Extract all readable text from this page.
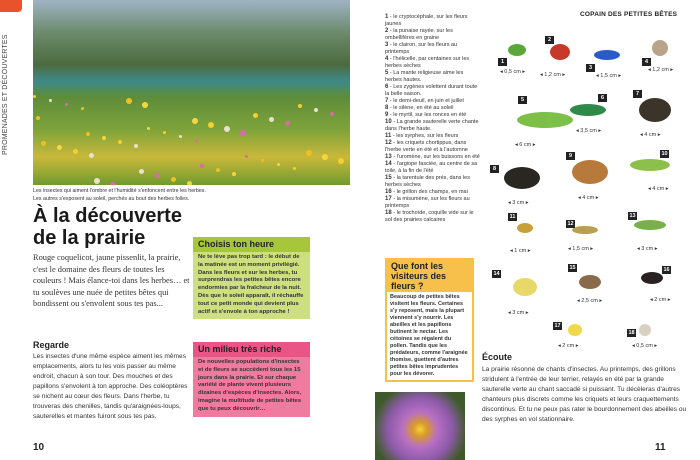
PROMENADES ET DÉCOUVERTES
Les insectes qui aiment l'ombre et l'humidité s'enfoncent entre les herbes.
Les autres s'exposent au soleil, perchés au bout des herbes folles.
À la découverte
de la prairie
Rouge coquelicot, jaune pissenlit, la prairie, c'est le domaine des fleurs de toutes les couleurs ! Mais élance-toi dans les herbes… et tu soulèves une nuée de petites bêtes qui bondissent ou s'envolent sous tes pas...
Regarde
Les insectes d'une même espèce aiment les mêmes emplacements, alors tu les vois passer au même endroit, chacun à son tour. Des mouches et des papillons s'envolent à ton approche. Des coléoptères se nichent au cœur des fleurs. Dans l'herbe, tu trouveras des chenilles, tandis qu'araignées-loups, sauterelles et mantes fuiront sous tes pas.
10
Choisis ton heure

Ne te lève pas trop tard : le début de la matinée est un moment privilégié. Dans les fleurs et sur les herbes, tu surprendras les petites bêtes encore endormies par la fraîcheur de la nuit. Dès que le soleil apparaît, il réchauffe tout ce petit monde qui devient plus actif et s'envole à ton approche !

Un milieu très riche

De nouvelles populations d'insectes et de fleurs se succèdent tous les 15 jours dans la prairie. Et sur chaque variété de plante vivent plusieurs dizaines d'espèces d'insectes. Alors, imagine la multitude de petites bêtes que tu peux découvrir…

1 - le cryptocéphale, sur les fleurs jaunes
2 - la punaise rayée, sur les ombellifères en graine
3 - le clairon, sur les fleurs au printemps
4 - l'hélicelle, par centaines sur les herbes sèches
5 - La mante religieuse aime les herbes hautes.
6 - Les zygènes volettent durant toute la belle saison.
7 - le demi-deuil, en juin et juillet
8 - le silène, en été au soleil
9 - le myrtil, sur les ronces en été
10 - La grande sauterelle verte chante dans l'herbe haute.
11 - les syrphes, sur les fleurs
12 - les criquets chortippus, dans l'herbe verte en été et à l'automne
13 - l'uromène, sur les buissons en été
14 - l'argiope fasciée, au centre de sa toile, à la fin de l'été
15 - la tarentule des prés, dans les herbes sèches
16 - le grillon des champs, en mai
17 - la misumène, sur les fleurs au printemps
18 - le trochoïde, coquille vide sur le sol des prairies calcaires
Que font les visiteurs des fleurs ?

Beaucoup de petites bêtes visitent les fleurs. Certaines s'y reposent, mais la plupart viennent s'y nourrir. Les abeilles et les papillons butinent le nectar. Les cétoines se régalent du pollen. Tandis que les prédateurs, comme l'araignée thomise, guettent d'autres petites bêtes imprudentes pour les dévorer.

COPAIN DES PETITES BÊTES
1
◂ 0,5 cm ▸
2
◂ 1,2 cm ▸
3
◂ 1,5 cm ▸
4
◂ 1,2 cm ▸
5
◂ 6 cm ▸
6
◂ 3,5 cm ▸
7
◂ 4 cm ▸
8
◂ 3 cm ▸
9
◂ 4 cm ▸
10
◂ 4 cm ▸
11
◂ 1 cm ▸
12
◂ 1,5 cm ▸
13
◂ 3 cm ▸
14
◂ 3 cm ▸
15
◂ 2,5 cm ▸
16
◂ 2 cm ▸
17
◂ 2 cm ▸
18
◂ 0,5 cm ▸
Écoute
La prairie résonne de chants d'insectes. Au printemps, des grillons stridulent à l'entrée de leur terrier, relayés en été par la grande sauterelle verte au chant saccadé si puissant. Tu décèleras d'autres chanteurs plus discrets comme les criquets et leurs craquettements discontinus. Et tu ne peux pas rater le bourdonnement des abeilles ou des syrphes en vol stationnaire.
11
